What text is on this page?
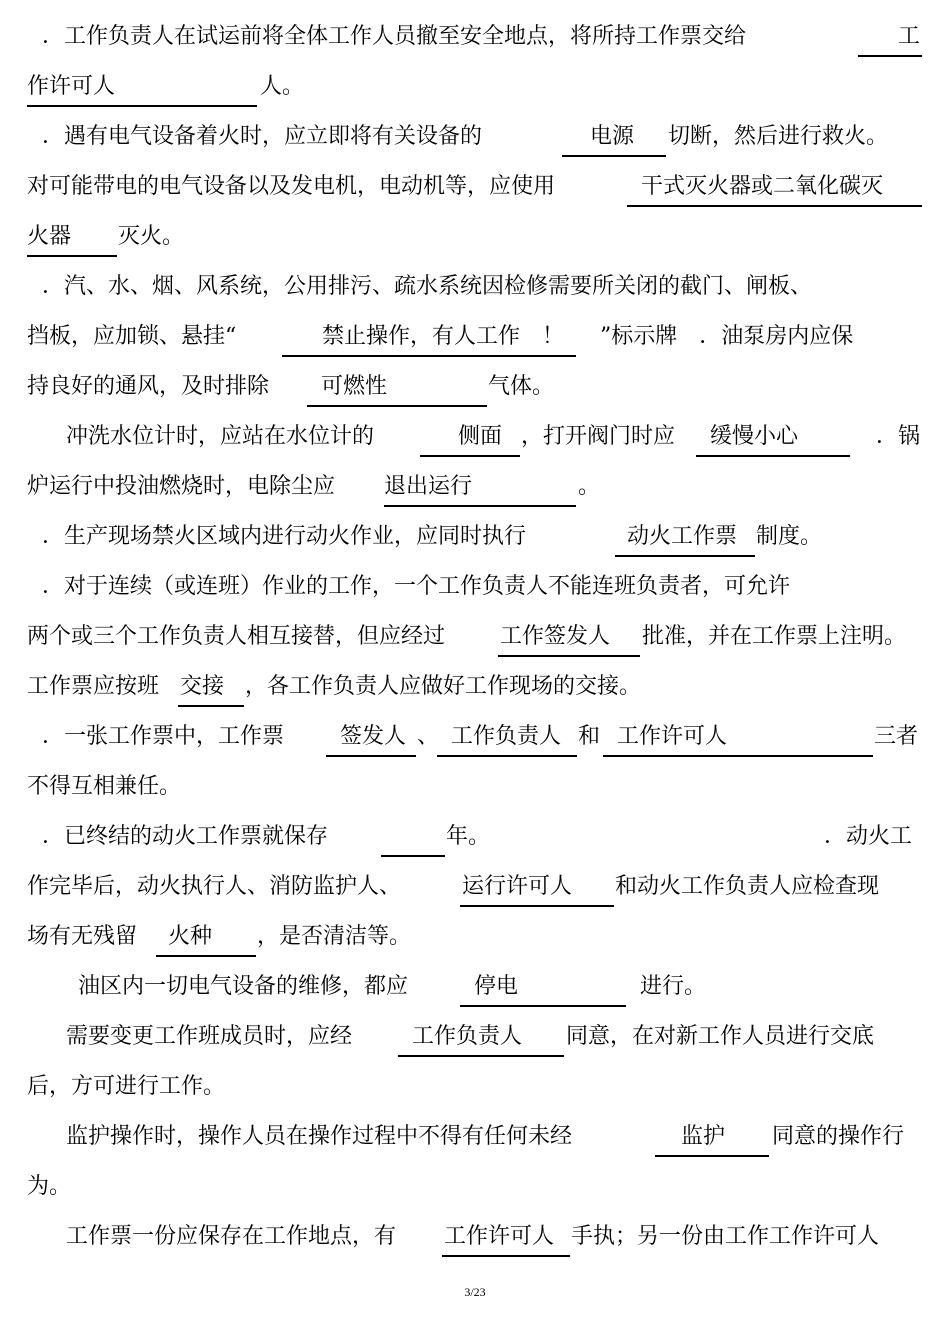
．工作负责人在试运前将全体工作人员撤至安全地点，将所持工作票交给	工
作许可人	人。
．遇有电气设备着火时，应立即将有关设备的	电源 切断，然后进行救火。
对可能带电的电气设备以及发电机，电动机等，应使用	干式灭火器或二氧化碳灭
火器 灭火。
．汽、水、烟、风系统，公用排污、疏水系统因检修需要所关闭的截门、闸板、
挡板，应加锁、悬挂“	禁止操作，有人工作　！ ”标示牌　．油泵房内应保
持良好的通风，及时排除 可燃性	气体。
冲洗水位计时，应站在水位计的	侧面 ，打开阀门时应 缓慢小心	．锅
炉运行中投油燃烧时，电除尘应 退出运行	。
．生产现场禁火区域内进行动火作业，应同时执行	动火工作票 制度。
．对于连续（或连班）作业的工作，一个工作负责人不能连班负责者，可允许
两个或三个工作负责人相互接替，但应经过 工作签发人 批准，并在工作票上注明。
工作票应按班 交接 ，各工作负责人应做好工作现场的交接。
．一张工作票中，工作票	签发人 、 工作负责人 和 工作许可人	三者
不得互相兼任。
．已终结的动火工作票就保存	年。	．动火工
作完毕后，动火执行人、消防监护人、	运行许可人 和动火工作负责人应检查现
场有无残留 火种 ，是否清洁等。
油区内一切电气设备的维修，都应	停电	进行。
需要变更工作班成员时，应经	工作负责人 同意，在对新工作人员进行交底
后，方可进行工作。
监护操作时，操作人员在操作过程中不得有任何未经	监护 同意的操作行
为。
工作票一份应保存在工作地点，有 工作许可人 手执；另一份由工作工作许可人
3/23
